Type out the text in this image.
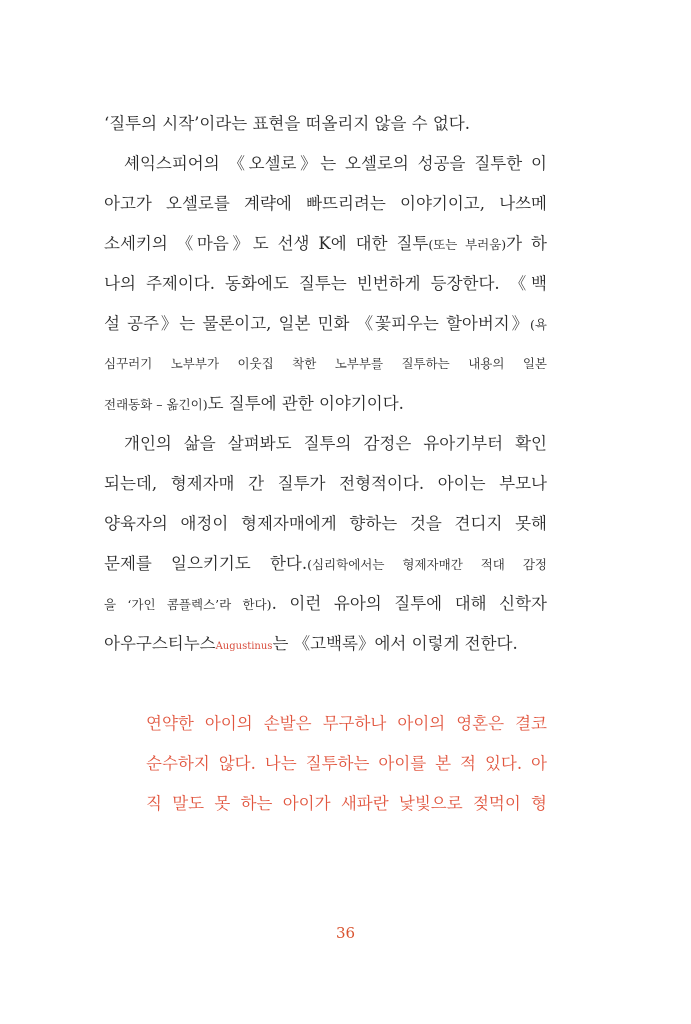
‘질투의 시작’이라는 표현을 떠올리지 않을 수 없다.
셰익스피어의 《오셀로》는 오셀로의 성공을 질투한 이
아고가 오셀로를 계략에 빠뜨리려는 이야기이고, 나쓰메
소세키의 《마음》도 선생 K에 대한 질투(또는 부러움)가 하
나의 주제이다. 동화에도 질투는 빈번하게 등장한다. 《백
설 공주》는 물론이고, 일본 민화 《꽃피우는 할아버지》(욕
심꾸러기 노부부가 이웃집 착한 노부부를 질투하는 내용의 일본
전래동화 – 옮긴이)도 질투에 관한 이야기이다.
개인의 삶을 살펴봐도 질투의 감정은 유아기부터 확인
되는데, 형제자매 간 질투가 전형적이다. 아이는 부모나
양육자의 애정이 형제자매에게 향하는 것을 견디지 못해
문제를 일으키기도 한다.(심리학에서는 형제자매간 적대 감정
을 ‘가인 콤플렉스’라 한다). 이런 유아의 질투에 대해 신학자
아우구스티누스Augustinus는 《고백록》에서 이렇게 전한다.
연약한 아이의 손발은 무구하나 아이의 영혼은 결코
순수하지 않다. 나는 질투하는 아이를 본 적 있다. 아
직 말도 못 하는 아이가 새파란 낯빛으로 젖먹이 형
36
